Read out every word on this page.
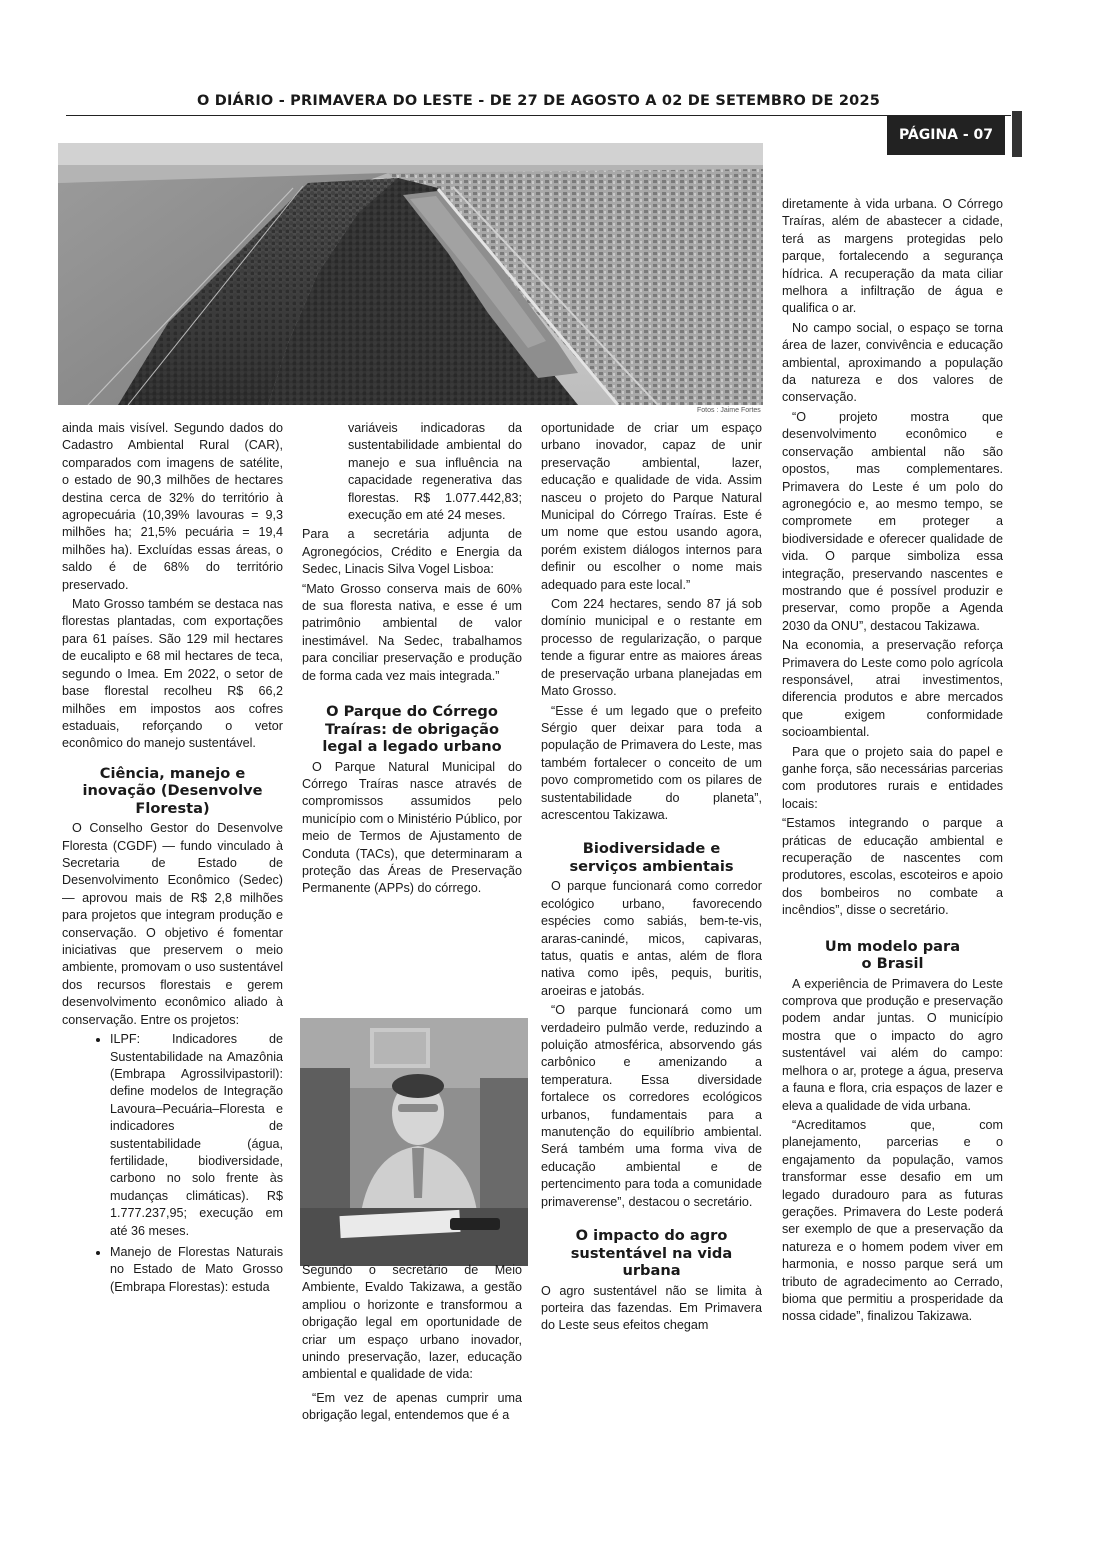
O DIÁRIO - PRIMAVERA DO LESTE - DE 27 DE AGOSTO A 02 DE SETEMBRO DE 2025
PÁGINA - 07
Fotos : Jaime Fortes

ainda mais visível. Segundo dados do Cadastro Ambiental Rural (CAR), comparados com imagens de satélite, o estado de 90,3 milhões de hectares destina cerca de 32% do território à agropecuária (10,39% lavouras = 9,3 milhões ha; 21,5% pecuária = 19,4 milhões ha). Excluídas essas áreas, o saldo é de 68% do território preservado.

Mato Grosso também se destaca nas florestas plantadas, com exportações para 61 países. São 129 mil hectares de eucalipto e 68 mil hectares de teca, segundo o Imea. Em 2022, o setor de base florestal recolheu R$ 66,2 milhões em impostos aos cofres estaduais, reforçando o vetor econômico do manejo sustentável.

Ciência, manejo e inovação (Desenvolve Floresta)

O Conselho Gestor do Desenvolve Floresta (CGDF) — fundo vinculado à Secretaria de Estado de Desenvolvimento Econômico (Sedec) — aprovou mais de R$ 2,8 milhões para projetos que integram produção e conservação. O objetivo é fomentar iniciativas que preservem o meio ambiente, promovam o uso sustentável dos recursos florestais e gerem desenvolvimento econômico aliado à conservação. Entre os projetos:

• ILPF: Indicadores de Sustentabilidade na Amazônia (Embrapa Agrossilvipastoril): define modelos de Integração Lavoura–Pecuária–Floresta e indicadores de sustentabilidade (água, fertilidade, biodiversidade, carbono no solo frente às mudanças climáticas). R$ 1.777.237,95; execução em até 36 meses.
• Manejo de Florestas Naturais no Estado de Mato Grosso (Embrapa Florestas): estuda

variáveis indicadoras da sustentabilidade ambiental do manejo e sua influência na capacidade regenerativa das florestas. R$ 1.077.442,83; execução em até 24 meses.

Para a secretária adjunta de Agronegócios, Crédito e Energia da Sedec, Linacis Silva Vogel Lisboa:

“Mato Grosso conserva mais de 60% de sua floresta nativa, e esse é um patrimônio ambiental de valor inestimável. Na Sedec, trabalhamos para conciliar preservação e produção de forma cada vez mais integrada.”

O Parque do Córrego Traíras: de obrigação legal a legado urbano

O Parque Natural Municipal do Córrego Traíras nasce através de compromissos assumidos pelo município com o Ministério Público, por meio de Termos de Ajustamento de Conduta (TACs), que determinaram a proteção das Áreas de Preservação Permanente (APPs) do córrego.

Segundo o secretário de Meio Ambiente, Evaldo Takizawa, a gestão ampliou o horizonte e transformou a obrigação legal em oportunidade de criar um espaço urbano inovador, unindo preservação, lazer, educação ambiental e qualidade de vida:

“Em vez de apenas cumprir uma obrigação legal, entendemos que é a

oportunidade de criar um espaço urbano inovador, capaz de unir preservação ambiental, lazer, educação e qualidade de vida. Assim nasceu o projeto do Parque Natural Municipal do Córrego Traíras. Este é um nome que estou usando agora, porém existem diálogos internos para definir ou escolher o nome mais adequado para este local.”

Com 224 hectares, sendo 87 já sob domínio municipal e o restante em processo de regularização, o parque tende a figurar entre as maiores áreas de preservação urbana planejadas em Mato Grosso.

“Esse é um legado que o prefeito Sérgio quer deixar para toda a população de Primavera do Leste, mas também fortalecer o conceito de um povo comprometido com os pilares de sustentabilidade do planeta”, acrescentou Takizawa.

Biodiversidade e serviços ambientais

O parque funcionará como corredor ecológico urbano, favorecendo espécies como sabiás, bem-te-vis, araras-canindé, micos, capivaras, tatus, quatis e antas, além de flora nativa como ipês, pequis, buritis, aroeiras e jatobás.

“O parque funcionará como um verdadeiro pulmão verde, reduzindo a poluição atmosférica, absorvendo gás carbônico e amenizando a temperatura. Essa diversidade fortalece os corredores ecológicos urbanos, fundamentais para a manutenção do equilíbrio ambiental. Será também uma forma viva de educação ambiental e de pertencimento para toda a comunidade primaverense”, destacou o secretário.

O impacto do agro sustentável na vida urbana

O agro sustentável não se limita à porteira das fazendas. Em Primavera do Leste seus efeitos chegam

diretamente à vida urbana. O Córrego Traíras, além de abastecer a cidade, terá as margens protegidas pelo parque, fortalecendo a segurança hídrica. A recuperação da mata ciliar melhora a infiltração de água e qualifica o ar.

No campo social, o espaço se torna área de lazer, convivência e educação ambiental, aproximando a população da natureza e dos valores de conservação.

“O projeto mostra que desenvolvimento econômico e conservação ambiental não são opostos, mas complementares. Primavera do Leste é um polo do agronegócio e, ao mesmo tempo, se compromete em proteger a biodiversidade e oferecer qualidade de vida. O parque simboliza essa integração, preservando nascentes e mostrando que é possível produzir e preservar, como propõe a Agenda 2030 da ONU”, destacou Takizawa.

Na economia, a preservação reforça Primavera do Leste como polo agrícola responsável, atrai investimentos, diferencia produtos e abre mercados que exigem conformidade socioambiental.

Para que o projeto saia do papel e ganhe força, são necessárias parcerias com produtores rurais e entidades locais:

“Estamos integrando o parque a práticas de educação ambiental e recuperação de nascentes com produtores, escolas, escoteiros e apoio dos bombeiros no combate a incêndios”, disse o secretário.

Um modelo para o Brasil

A experiência de Primavera do Leste comprova que produção e preservação podem andar juntas. O município mostra que o impacto do agro sustentável vai além do campo: melhora o ar, protege a água, preserva a fauna e flora, cria espaços de lazer e eleva a qualidade de vida urbana.

“Acreditamos que, com planejamento, parcerias e o engajamento da população, vamos transformar esse desafio em um legado duradouro para as futuras gerações. Primavera do Leste poderá ser exemplo de que a preservação da natureza e o homem podem viver em harmonia, e nosso parque será um tributo de agradecimento ao Cerrado, bioma que permitiu a prosperidade da nossa cidade”, finalizou Takizawa.
